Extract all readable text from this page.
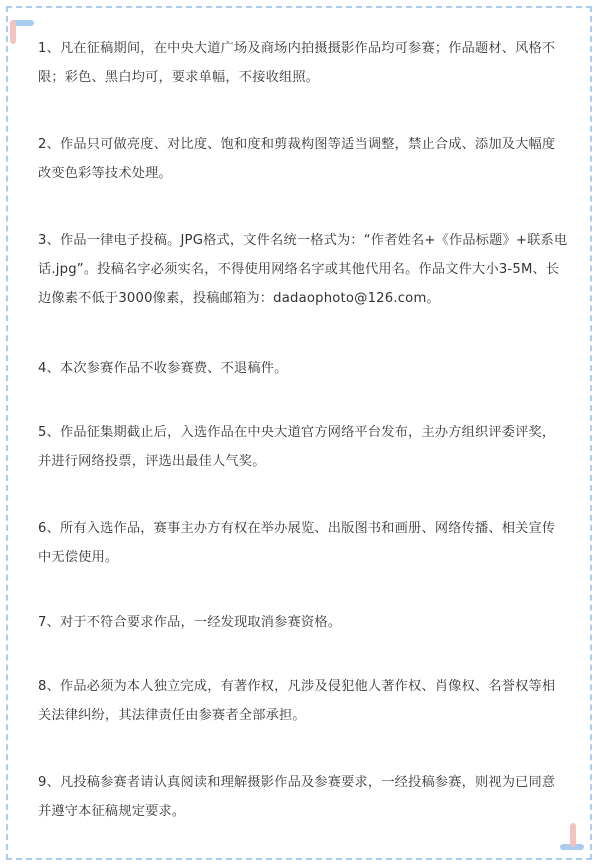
1、凡在征稿期间，在中央大道广场及商场内拍摄摄影作品均可参赛；作品题材、风格不限；彩色、黑白均可，要求单幅，不接收组照。

2、作品只可做亮度、对比度、饱和度和剪裁构图等适当调整，禁止合成、添加及大幅度改变色彩等技术处理。

3、作品一律电子投稿。JPG格式，文件名统一格式为：“作者姓名+《作品标题》+联系电话.jpg”。投稿名字必须实名，不得使用网络名字或其他代用名。作品文件大小3-5M、长边像素不低于3000像素，投稿邮箱为：dadaophoto@126.com。

4、本次参赛作品不收参赛费、不退稿件。

5、作品征集期截止后，入选作品在中央大道官方网络平台发布，主办方组织评委评奖，并进行网络投票，评选出最佳人气奖。

6、所有入选作品，赛事主办方有权在举办展览、出版图书和画册、网络传播、相关宣传中无偿使用。

7、对于不符合要求作品，一经发现取消参赛资格。

8、作品必须为本人独立完成，有著作权，凡涉及侵犯他人著作权、肖像权、名誉权等相关法律纠纷，其法律责任由参赛者全部承担。

9、凡投稿参赛者请认真阅读和理解摄影作品及参赛要求，一经投稿参赛，则视为已同意并遵守本征稿规定要求。
